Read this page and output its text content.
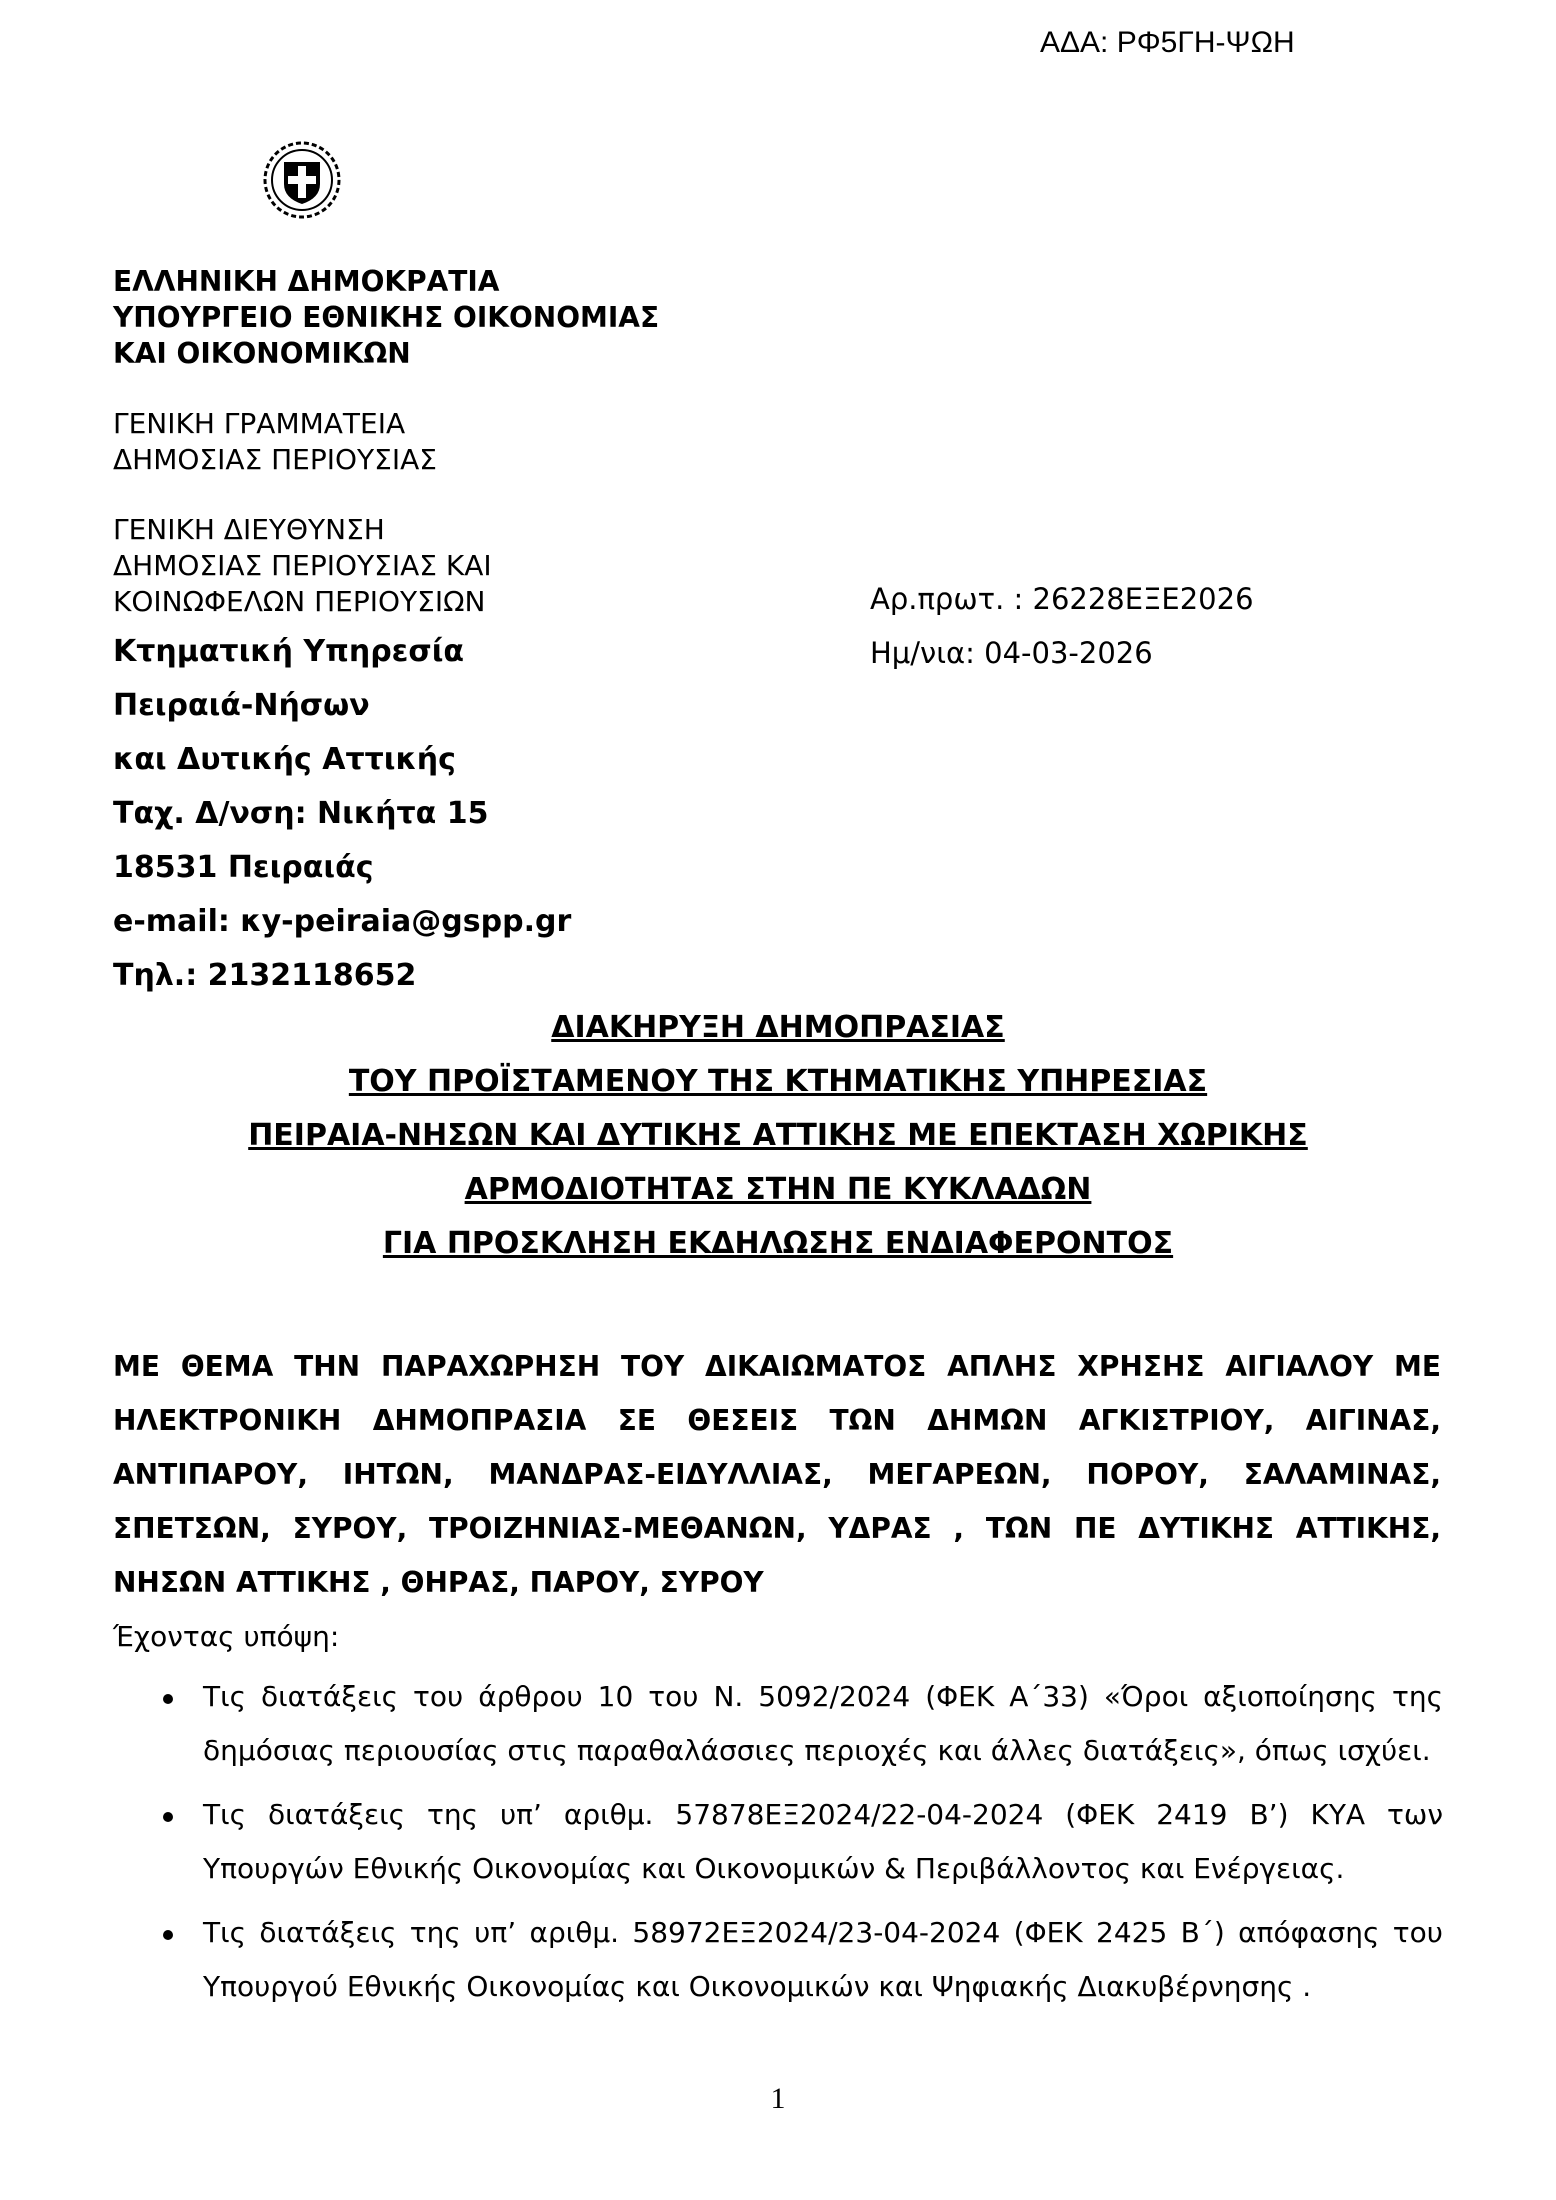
ΑΔΑ: ΡΦ5ΓΗ-ΨΩΗ
ΕΛΛΗΝΙΚΗ ΔΗΜΟΚΡΑΤΙΑ
ΥΠΟΥΡΓΕΙΟ ΕΘΝΙΚΗΣ ΟΙΚΟΝΟΜΙΑΣ
ΚΑΙ ΟΙΚΟΝΟΜΙΚΩΝ
ΓΕΝΙΚΗ ΓΡΑΜΜΑΤΕΙΑ
ΔΗΜΟΣΙΑΣ ΠΕΡΙΟΥΣΙΑΣ
ΓΕΝΙΚΗ ΔΙΕΥΘΥΝΣΗ
ΔΗΜΟΣΙΑΣ ΠΕΡΙΟΥΣΙΑΣ ΚΑΙ
ΚΟΙΝΩΦΕΛΩΝ ΠΕΡΙΟΥΣΙΩΝ	Αρ.πρωτ. : 26228ΕΞΕ2026
Ημ/νια: 04-03-2026
Κτηματική Υπηρεσία
Πειραιά-Νήσων
και Δυτικής Αττικής
Ταχ. Δ/νση: Νικήτα 15
18531 Πειραιάς
e-mail: κy-peiraia@gspp.gr
Τηλ.: 2132118652
ΔΙΑΚΗΡΥΞΗ ΔΗΜΟΠΡΑΣΙΑΣ
ΤΟΥ ΠΡΟΪΣΤΑΜΕΝΟΥ ΤΗΣ ΚΤΗΜΑΤΙΚΗΣ ΥΠΗΡΕΣΙΑΣ
ΠΕΙΡΑΙΑ-ΝΗΣΩΝ ΚΑΙ ΔΥΤΙΚΗΣ ΑΤΤΙΚΗΣ ΜΕ ΕΠΕΚΤΑΣΗ ΧΩΡΙΚΗΣ
ΑΡΜΟΔΙΟΤΗΤΑΣ ΣΤΗΝ ΠΕ ΚΥΚΛΑΔΩΝ
ΓΙΑ ΠΡΟΣΚΛΗΣΗ ΕΚΔΗΛΩΣΗΣ ΕΝΔΙΑΦΕΡΟΝΤΟΣ
ΜΕ ΘΕΜΑ ΤΗΝ ΠΑΡΑΧΩΡΗΣΗ ΤΟΥ ΔΙΚΑΙΩΜΑΤΟΣ ΑΠΛΗΣ ΧΡΗΣΗΣ ΑΙΓΙΑΛΟΥ ΜΕ ΗΛΕΚΤΡΟΝΙΚΗ ΔΗΜΟΠΡΑΣΙΑ ΣΕ ΘΕΣΕΙΣ ΤΩΝ ΔΗΜΩΝ ΑΓΚΙΣΤΡΙΟΥ, ΑΙΓΙΝΑΣ, ΑΝΤΙΠΑΡΟΥ, ΙΗΤΩΝ, ΜΑΝΔΡΑΣ-ΕΙΔΥΛΛΙΑΣ, ΜΕΓΑΡΕΩΝ, ΠΟΡΟΥ, ΣΑΛΑΜΙΝΑΣ, ΣΠΕΤΣΩΝ, ΣΥΡΟΥ, ΤΡΟΙΖΗΝΙΑΣ-ΜΕΘΑΝΩΝ, ΥΔΡΑΣ , ΤΩΝ ΠΕ ΔΥΤΙΚΗΣ ΑΤΤΙΚΗΣ, ΝΗΣΩΝ ΑΤΤΙΚΗΣ , ΘΗΡΑΣ, ΠΑΡΟΥ, ΣΥΡΟΥ
Έχοντας υπόψη:
Τις διατάξεις του άρθρου 10 του Ν. 5092/2024 (ΦΕΚ Α΄33) «Όροι αξιοποίησης της δημόσιας περιουσίας στις παραθαλάσσιες περιοχές και άλλες διατάξεις», όπως ισχύει.
Τις διατάξεις της υπ’ αριθμ. 57878ΕΞ2024/22-04-2024 (ΦΕΚ 2419 Β’) ΚΥΑ των Υπουργών Εθνικής Οικονομίας και Οικονομικών & Περιβάλλοντος και Ενέργειας.
Τις διατάξεις της υπ’ αριθμ. 58972ΕΞ2024/23-04-2024 (ΦΕΚ 2425 Β΄) απόφασης του Υπουργού Εθνικής Οικονομίας και Οικονομικών και Ψηφιακής Διακυβέρνησης .
1
